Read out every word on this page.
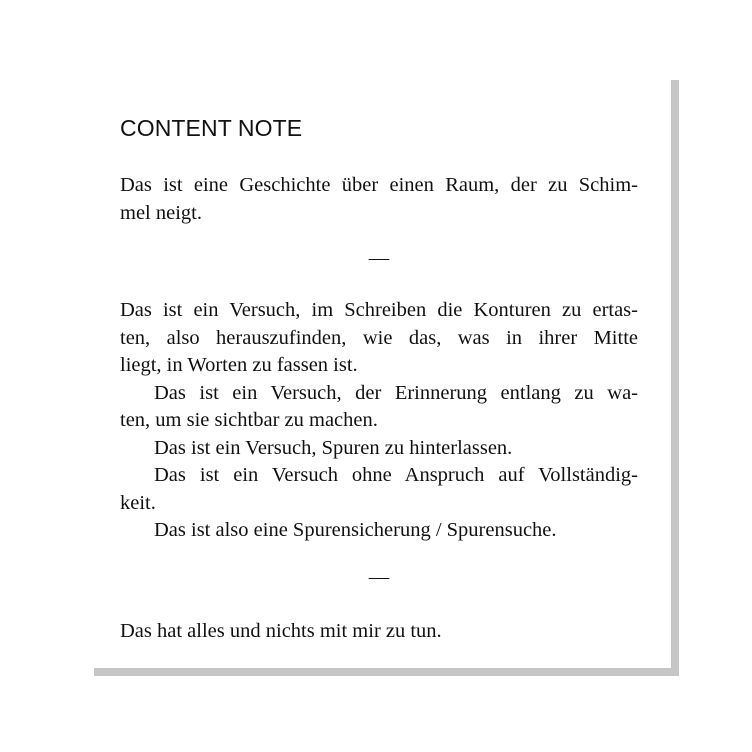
CONTENT NOTE
Das ist eine Geschichte über einen Raum, der zu Schim-
mel neigt.
—
Das ist ein Versuch, im Schreiben die Konturen zu ertas-
ten, also herauszufinden, wie das, was in ihrer Mitte
liegt, in Worten zu fassen ist.
Das ist ein Versuch, der Erinnerung entlang zu wa-
ten, um sie sichtbar zu machen.
Das ist ein Versuch, Spuren zu hinterlassen.
Das ist ein Versuch ohne Anspruch auf Vollständig-
keit.
Das ist also eine Spurensicherung / Spurensuche.
—
Das hat alles und nichts mit mir zu tun.
